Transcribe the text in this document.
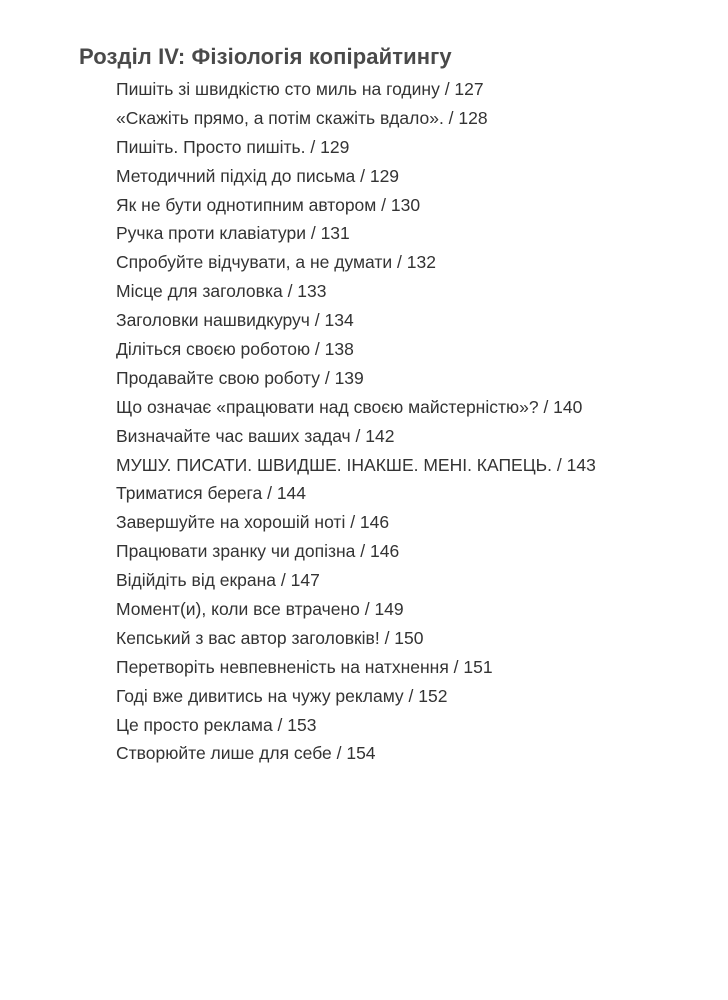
Розділ IV: Фізіологія копірайтингу
Пишіть зі швидкістю сто миль на годину / 127
«Скажіть прямо, а потім скажіть вдало». / 128
Пишіть. Просто пишіть. / 129
Методичний підхід до письма / 129
Як не бути однотипним автором / 130
Ручка проти клавіатури / 131
Спробуйте відчувати, а не думати / 132
Місце для заголовка / 133
Заголовки нашвидкуруч / 134
Діліться своєю роботою / 138
Продавайте свою роботу / 139
Що означає «працювати над своєю майстерністю»? / 140
Визначайте час ваших задач / 142
МУШУ. ПИСАТИ. ШВИДШЕ. ІНАКШЕ. МЕНІ. КАПЕЦЬ. / 143
Триматися берега / 144
Завершуйте на хорошій ноті / 146
Працювати зранку чи допізна / 146
Відійдіть від екрана / 147
Момент(и), коли все втрачено / 149
Кепський з вас автор заголовків! / 150
Перетворіть невпевненість на натхнення / 151
Годі вже дивитись на чужу рекламу / 152
Це просто реклама / 153
Створюйте лише для себе / 154
